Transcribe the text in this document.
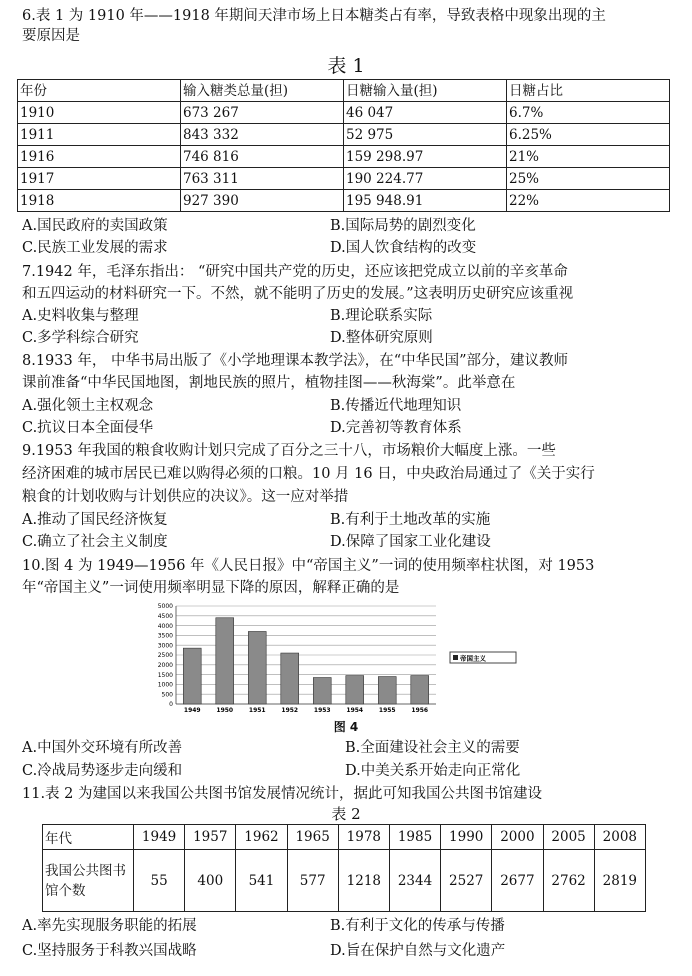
6.表 1 为 1910 年——1918 年期间天津市场上日本糖类占有率，导致表格中现象出现的主
要原因是
表 1
年份	输入糖类总量(担)	日糖输入量(担)	日糖占比
1910	673 267	46 047	6.7%
1911	843 332	52 975	6.25%
1916	746 816	159 298.97	21%
1917	763 311	190 224.77	25%
1918	927 390	195 948.91	22%
A.国民政府的卖国政策	B.国际局势的剧烈变化
C.民族工业发展的需求	D.国人饮食结构的改变
7.1942 年，毛泽东指出： “研究中国共产党的历史，还应该把党成立以前的辛亥革命
和五四运动的材料研究一下。不然，就不能明了历史的发展。”这表明历史研究应该重视
A.史料收集与整理	B.理论联系实际
C.多学科综合研究	D.整体研究原则
8.1933 年， 中华书局出版了《小学地理课本教学法》，在“中华民国”部分，建议教师
课前准备“中华民国地图，割地民族的照片，植物挂图——秋海棠”。此举意在
A.强化领土主权观念	B.传播近代地理知识
C.抗议日本全面侵华	D.完善初等教育体系
9.1953 年我国的粮食收购计划只完成了百分之三十八，市场粮价大幅度上涨。一些
经济困难的城市居民已难以购得必须的口粮。10 月 16 日，中央政治局通过了《关于实行
粮食的计划收购与计划供应的决议》。这一应对举措
A.推动了国民经济恢复	B.有利于土地改革的实施
C.确立了社会主义制度	D.保障了国家工业化建设
10.图 4 为 1949—1956 年《人民日报》中“帝国主义”一词的使用频率柱状图，对 1953
年“帝国主义”一词使用频率明显下降的原因，解释正确的是
0
500
1000
1500
2000
2500
3000
3500
4000
4500
5000
1949	1950	1951	1952	1953	1954	1955	1956
帝国主义
图 4
A.中国外交环境有所改善	B.全面建设社会主义的需要
C.冷战局势逐步走向缓和	D.中美关系开始走向正常化
11.表 2 为建国以来我国公共图书馆发展情况统计，据此可知我国公共图书馆建设
表 2
年代	1949	1957	1962	1965	1978	1985	1990	2000	2005	2008
我国公共图书馆个数	55	400	541	577	1218	2344	2527	2677	2762	2819
A.率先实现服务职能的拓展	B.有利于文化的传承与传播
C.坚持服务于科教兴国战略	D.旨在保护自然与文化遗产
